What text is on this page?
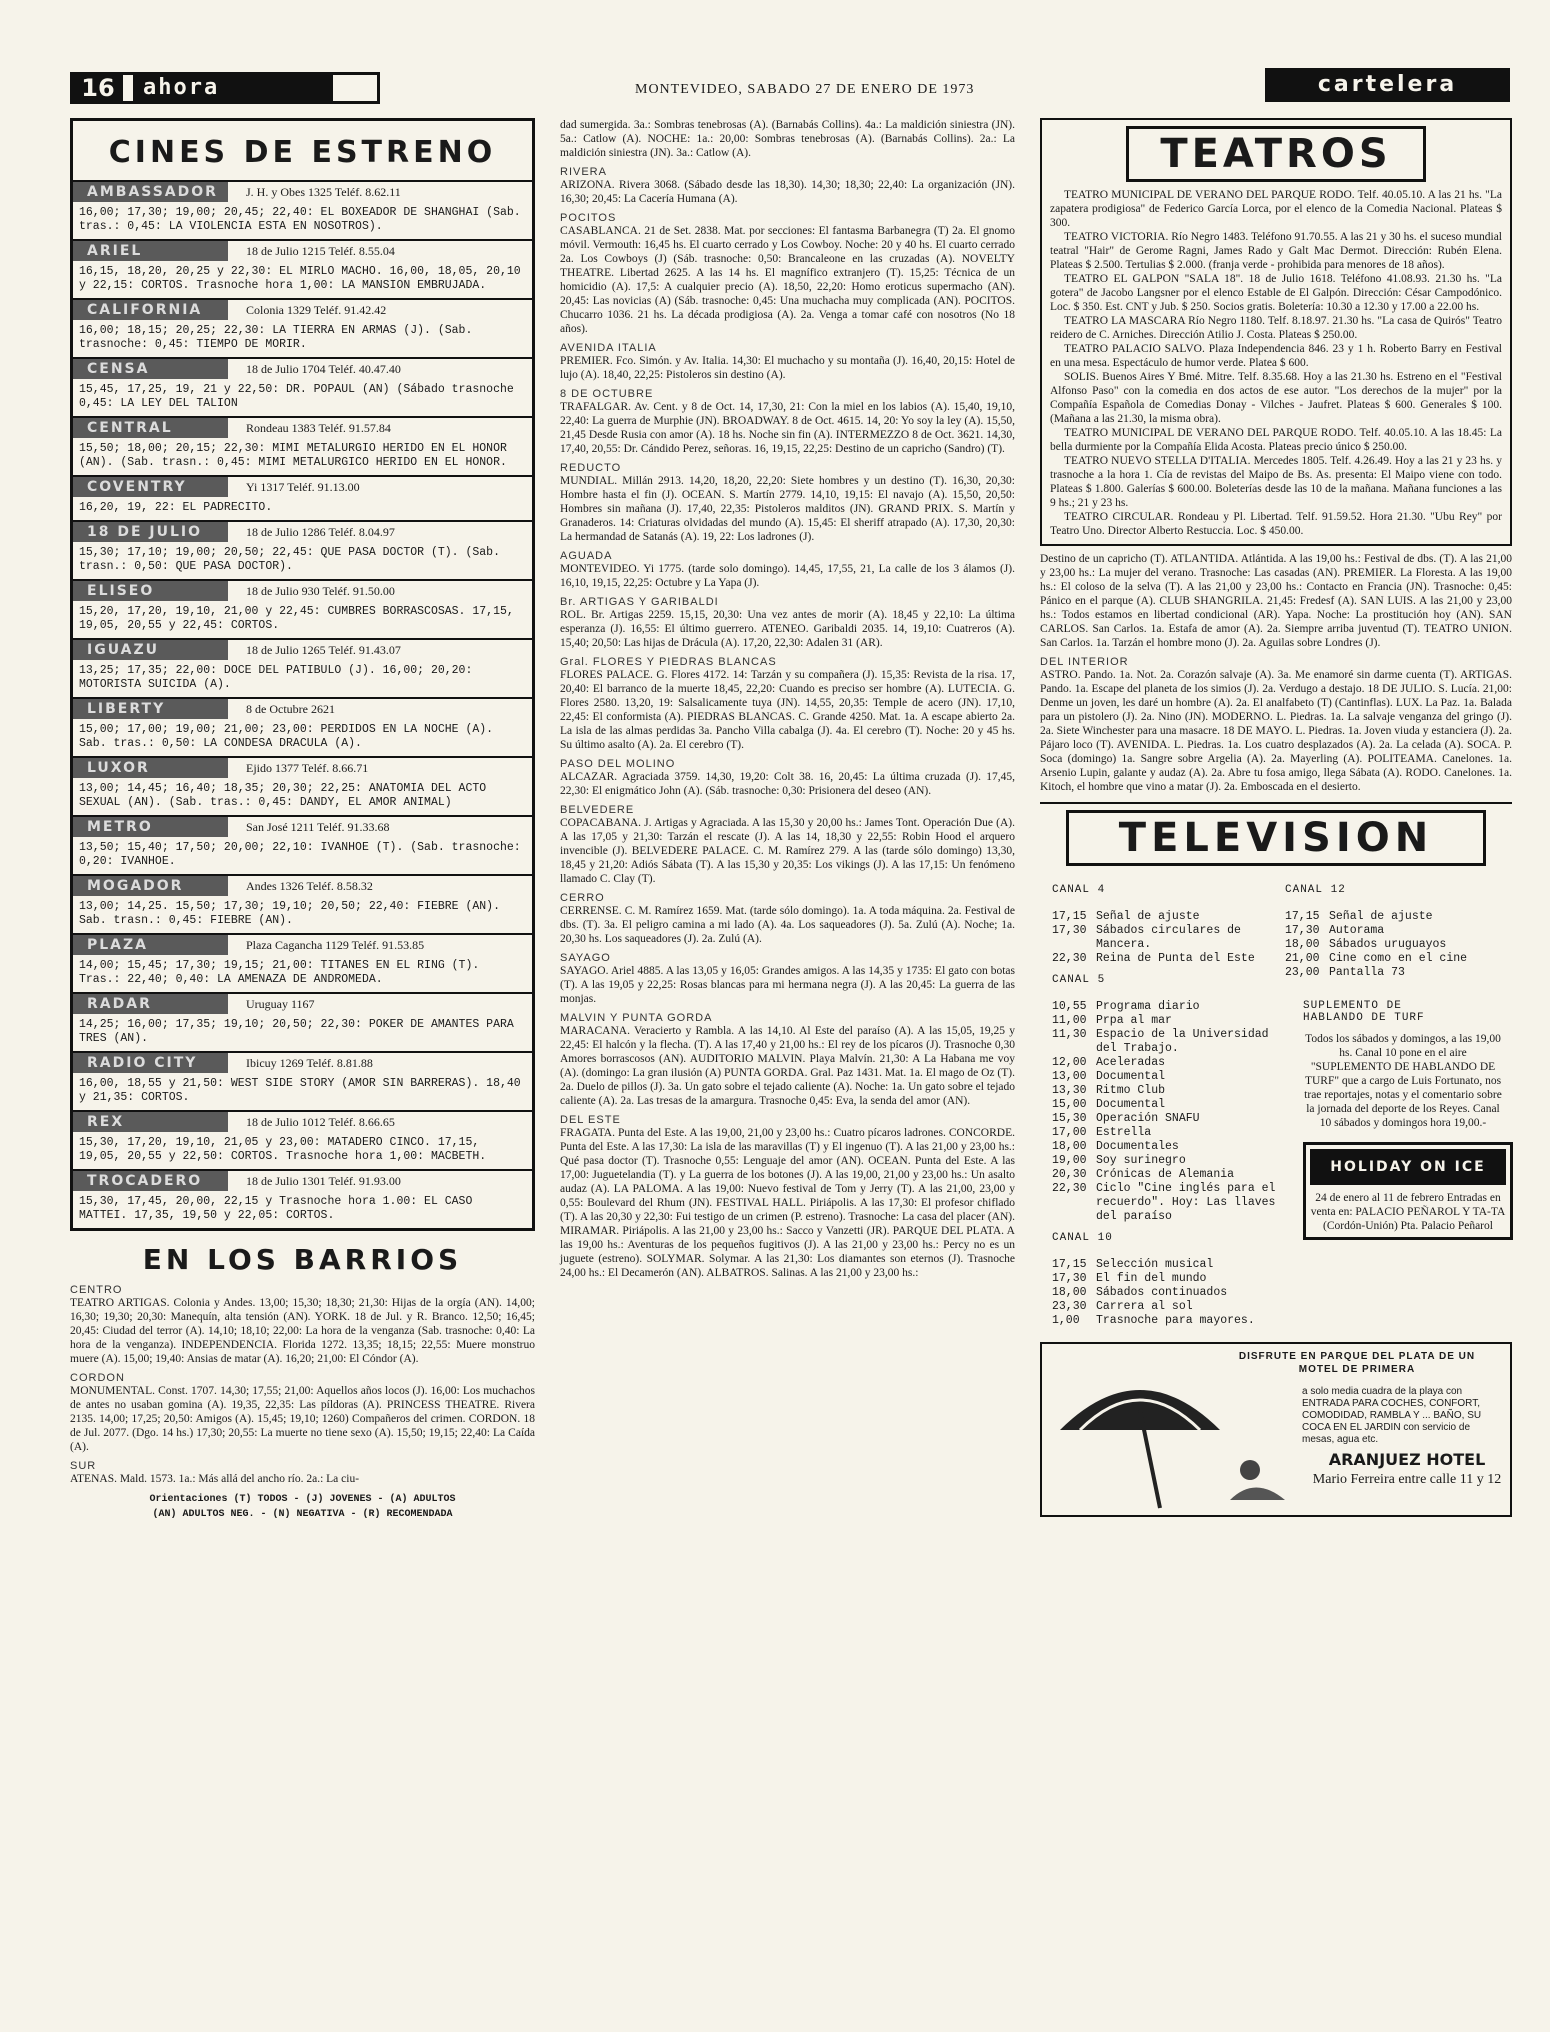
16	ahora	MONTEVIDEO, SABADO 27 DE ENERO DE 1973	cartelera
CINES DE ESTRENO
AMBASSADOR	J. H. y Obes 1325 Teléf. 8.62.11
16,00; 17,30; 19,00; 20,45; 22,40: EL BOXEADOR DE SHANGHAI (Sab. tras.: 0,45: LA VIOLENCIA ESTA EN NOSOTROS).
ARIEL	18 de Julio 1215 Teléf. 8.55.04
16,15, 18,20, 20,25 y 22,30: EL MIRLO MACHO. 16,00, 18,05, 20,10 y 22,15: CORTOS. Trasnoche hora 1,00: LA MANSION EMBRUJADA.
CALIFORNIA	Colonia 1329 Teléf. 91.42.42
16,00; 18,15; 20,25; 22,30: LA TIERRA EN ARMAS (J). (Sab. trasnoche: 0,45: TIEMPO DE MORIR.
CENSA	18 de Julio 1704 Teléf. 40.47.40
15,45, 17,25, 19, 21 y 22,50: DR. POPAUL (AN) (Sábado trasnoche 0,45: LA LEY DEL TALION
CENTRAL	Rondeau 1383 Teléf. 91.57.84
15,50; 18,00; 20,15; 22,30: MIMI METALURGIO HERIDO EN EL HONOR (AN). (Sab. trasn.: 0,45: MIMI METALURGICO HERIDO EN EL HONOR.
COVENTRY	Yi 1317 Teléf. 91.13.00
16,20, 19, 22: EL PADRECITO.
18 DE JULIO	18 de Julio 1286 Teléf. 8.04.97
15,30; 17,10; 19,00; 20,50; 22,45: QUE PASA DOCTOR (T). (Sab. trasn.: 0,50: QUE PASA DOCTOR).
ELISEO	18 de Julio 930 Teléf. 91.50.00
15,20, 17,20, 19,10, 21,00 y 22,45: CUMBRES BORRASCOSAS. 17,15, 19,05, 20,55 y 22,45: CORTOS.
IGUAZU	18 de Julio 1265 Teléf. 91.43.07
13,25; 17,35; 22,00: DOCE DEL PATIBULO (J). 16,00; 20,20: MOTORISTA SUICIDA (A).
LIBERTY	8 de Octubre 2621
15,00; 17,00; 19,00; 21,00; 23,00: PERDIDOS EN LA NOCHE (A). Sab. tras.: 0,50: LA CONDESA DRACULA (A).
LUXOR	Ejido 1377 Teléf. 8.66.71
13,00; 14,45; 16,40; 18,35; 20,30; 22,25: ANATOMIA DEL ACTO SEXUAL (AN). (Sab. tras.: 0,45: DANDY, EL AMOR ANIMAL)
METRO	San José 1211 Teléf. 91.33.68
13,50; 15,40; 17,50; 20,00; 22,10: IVANHOE (T). (Sab. trasnoche: 0,20: IVANHOE.
MOGADOR	Andes 1326 Teléf. 8.58.32
13,00; 14,25. 15,50; 17,30; 19,10; 20,50; 22,40: FIEBRE (AN). Sab. trasn.: 0,45: FIEBRE (AN).
PLAZA	Plaza Cagancha 1129 Teléf. 91.53.85
14,00; 15,45; 17,30; 19,15; 21,00: TITANES EN EL RING (T). Tras.: 22,40; 0,40: LA AMENAZA DE ANDROMEDA.
RADAR	Uruguay 1167
14,25; 16,00; 17,35; 19,10; 20,50; 22,30: POKER DE AMANTES PARA TRES (AN).
RADIO CITY	Ibicuy 1269 Teléf. 8.81.88
16,00, 18,55 y 21,50: WEST SIDE STORY (AMOR SIN BARRERAS). 18,40 y 21,35: CORTOS.
REX	18 de Julio 1012 Teléf. 8.66.65
15,30, 17,20, 19,10, 21,05 y 23,00: MATADERO CINCO. 17,15, 19,05, 20,55 y 22,50: CORTOS. Trasnoche hora 1,00: MACBETH.
TROCADERO	18 de Julio 1301 Teléf. 91.93.00
15,30, 17,45, 20,00, 22,15 y Trasnoche hora 1.00: EL CASO MATTEI. 17,35, 19,50 y 22,05: CORTOS.
EN LOS BARRIOS
CENTRO
TEATRO ARTIGAS. Colonia y Andes. 13,00; 15,30; 18,30; 21,30: Hijas de la orgía (AN). 14,00; 16,30; 19,30; 20,30: Manequín, alta tensión (AN). YORK. 18 de Jul. y R. Branco. 12,50; 16,45; 20,45: Ciudad del terror (A). 14,10; 18,10; 22,00: La hora de la venganza (Sab. trasnoche: 0,40: La hora de la venganza). INDEPENDENCIA. Florida 1272. 13,35; 18,15; 22,55: Muere monstruo muere (A). 15,00; 19,40: Ansias de matar (A). 16,20; 21,00: El Cóndor (A).
CORDON
MONUMENTAL. Const. 1707. 14,30; 17,55; 21,00: Aquellos años locos (J). 16,00: Los muchachos de antes no usaban gomina (A). 19,35, 22,35: Las píldoras (A). PRINCESS THEATRE. Rivera 2135. 14,00; 17,25; 20,50: Amigos (A). 15,45; 19,10; 1260) Compañeros del crimen. CORDON. 18 de Jul. 2077. (Dgo. 14 hs.) 17,30; 20,55: La muerte no tiene sexo (A). 15,50; 19,15; 22,40: La Caída (A).
SUR
ATENAS. Mald. 1573. 1a.: Más allá del ancho río. 2a.: La ciu-
Orientaciones (T) TODOS - (J) JOVENES - (A) ADULTOS
(AN) ADULTOS NEG. - (N) NEGATIVA - (R) RECOMENDADA
dad sumergida. 3a.: Sombras tenebrosas (A). (Barnabás Collins). 4a.: La maldición siniestra (JN). 5a.: Catlow (A). NOCHE: 1a.: 20,00: Sombras tenebrosas (A). (Barnabás Collins). 2a.: La maldición siniestra (JN). 3a.: Catlow (A).
RIVERA
ARIZONA. Rivera 3068. (Sábado desde las 18,30). 14,30; 18,30; 22,40: La organización (JN). 16,30; 20,45: La Cacería Humana (A).
POCITOS
CASABLANCA. 21 de Set. 2838. Mat. por secciones: El fantasma Barbanegra (T) 2a. El gnomo móvil. Vermouth: 16,45 hs. El cuarto cerrado y Los Cowboy. Noche: 20 y 40 hs. El cuarto cerrado 2a. Los Cowboys (J) (Sáb. trasnoche: 0,50: Brancaleone en las cruzadas (A). NOVELTY THEATRE. Libertad 2625. A las 14 hs. El magnífico extranjero (T). 15,25: Técnica de un homicidio (A). 17,5: A cualquier precio (A). 18,50, 22,20: Homo eroticus supermacho (AN). 20,45: Las novicias (A) (Sáb. trasnoche: 0,45: Una muchacha muy complicada (AN). POCITOS. Chucarro 1036. 21 hs. La década prodigiosa (A). 2a. Venga a tomar café con nosotros (No 18 años).
AVENIDA ITALIA
PREMIER. Fco. Simón. y Av. Italia. 14,30: El muchacho y su montaña (J). 16,40, 20,15: Hotel de lujo (A). 18,40, 22,25: Pistoleros sin destino (A).
8 DE OCTUBRE
TRAFALGAR. Av. Cent. y 8 de Oct. 14, 17,30, 21: Con la miel en los labios (A). 15,40, 19,10, 22,40: La guerra de Murphie (JN). BROADWAY. 8 de Oct. 4615. 14, 20: Yo soy la ley (A). 15,50, 21,45 Desde Rusia con amor (A). 18 hs. Noche sin fin (A). INTERMEZZO 8 de Oct. 3621. 14,30, 17,40, 20,55: Dr. Cándido Perez, señoras. 16, 19,15, 22,25: Destino de un capricho (Sandro) (T).
REDUCTO
MUNDIAL. Millán 2913. 14,20, 18,20, 22,20: Siete hombres y un destino (T). 16,30, 20,30: Hombre hasta el fin (J). OCEAN. S. Martín 2779. 14,10, 19,15: El navajo (A). 15,50, 20,50: Hombres sin mañana (J). 17,40, 22,35: Pistoleros malditos (JN). GRAND PRIX. S. Martín y Granaderos. 14: Criaturas olvidadas del mundo (A). 15,45: El sheriff atrapado (A). 17,30, 20,30: La hermandad de Satanás (A). 19, 22: Los ladrones (J).
AGUADA
MONTEVIDEO. Yi 1775. (tarde solo domingo). 14,45, 17,55, 21, La calle de los 3 álamos (J). 16,10, 19,15, 22,25: Octubre y La Yapa (J).
Br. ARTIGAS Y GARIBALDI
ROL. Br. Artigas 2259. 15,15, 20,30: Una vez antes de morir (A). 18,45 y 22,10: La última esperanza (J). 16,55: El último guerrero. ATENEO. Garibaldi 2035. 14, 19,10: Cuatreros (A). 15,40; 20,50: Las hijas de Drácula (A). 17,20, 22,30: Adalen 31 (AR).
Gral. FLORES Y PIEDRAS BLANCAS
FLORES PALACE. G. Flores 4172. 14: Tarzán y su compañera (J). 15,35: Revista de la risa. 17, 20,40: El barranco de la muerte 18,45, 22,20: Cuando es preciso ser hombre (A). LUTECIA. G. Flores 2580. 13,20, 19: Salsalicamente tuya (JN). 14,55, 20,35: Temple de acero (JN). 17,10, 22,45: El conformista (A). PIEDRAS BLANCAS. C. Grande 4250. Mat. 1a. A escape abierto 2a. La isla de las almas perdidas 3a. Pancho Villa cabalga (J). 4a. El cerebro (T). Noche: 20 y 45 hs. Su último asalto (A). 2a. El cerebro (T).
PASO DEL MOLINO
ALCAZAR. Agraciada 3759. 14,30, 19,20: Colt 38. 16, 20,45: La última cruzada (J). 17,45, 22,30: El enigmático John (A). (Sáb. trasnoche: 0,30: Prisionera del deseo (AN).
BELVEDERE
COPACABANA. J. Artigas y Agraciada. A las 15,30 y 20,00 hs.: James Tont. Operación Due (A). A las 17,05 y 21,30: Tarzán el rescate (J). A las 14, 18,30 y 22,55: Robin Hood el arquero invencible (J). BELVEDERE PALACE. C. M. Ramírez 279. A las (tarde sólo domingo) 13,30, 18,45 y 21,20: Adiós Sábata (T). A las 15,30 y 20,35: Los vikings (J). A las 17,15: Un fenómeno llamado C. Clay (T).
CERRO
CERRENSE. C. M. Ramírez 1659. Mat. (tarde sólo domingo). 1a. A toda máquina. 2a. Festival de dbs. (T). 3a. El peligro camina a mi lado (A). 4a. Los saqueadores (J). 5a. Zulú (A). Noche; 1a. 20,30 hs. Los saqueadores (J). 2a. Zulú (A).
SAYAGO
SAYAGO. Ariel 4885. A las 13,05 y 16,05: Grandes amigos. A las 14,35 y 1735: El gato con botas (T). A las 19,05 y 22,25: Rosas blancas para mi hermana negra (J). A las 20,45: La guerra de las monjas.
MALVIN Y PUNTA GORDA
MARACANA. Veracierto y Rambla. A las 14,10. Al Este del paraíso (A). A las 15,05, 19,25 y 22,45: El halcón y la flecha. (T). A las 17,40 y 21,00 hs.: El rey de los pícaros (J). Trasnoche 0,30 Amores borrascosos (AN). AUDITORIO MALVIN. Playa Malvín. 21,30: A La Habana me voy (A). (domingo: La gran ilusión (A) PUNTA GORDA. Gral. Paz 1431. Mat. 1a. El mago de Oz (T). 2a. Duelo de pillos (J). 3a. Un gato sobre el tejado caliente (A). Noche: 1a. Un gato sobre el tejado caliente (A). 2a. Las tresas de la amargura. Trasnoche 0,45: Eva, la senda del amor (AN).
DEL ESTE
FRAGATA. Punta del Este. A las 19,00, 21,00 y 23,00 hs.: Cuatro pícaros ladrones. CONCORDE. Punta del Este. A las 17,30: La isla de las maravillas (T) y El ingenuo (T). A las 21,00 y 23,00 hs.: Qué pasa doctor (T). Trasnoche 0,55: Lenguaje del amor (AN). OCEAN. Punta del Este. A las 17,00: Juguetelandia (T). y La guerra de los botones (J). A las 19,00, 21,00 y 23,00 hs.: Un asalto audaz (A). LA PALOMA. A las 19,00: Nuevo festival de Tom y Jerry (T). A las 21,00, 23,00 y 0,55: Boulevard del Rhum (JN). FESTIVAL HALL. Piriápolis. A las 17,30: El profesor chiflado (T). A las 20,30 y 22,30: Fui testigo de un crimen (P. estreno). Trasnoche: La casa del placer (AN). MIRAMAR. Piriápolis. A las 21,00 y 23,00 hs.: Sacco y Vanzetti (JR). PARQUE DEL PLATA. A las 19,00 hs.: Aventuras de los pequeños fugitivos (J). A las 21,00 y 23,00 hs.: Percy no es un juguete (estreno). SOLYMAR. Solymar. A las 21,30: Los diamantes son eternos (J). Trasnoche 24,00 hs.: El Decamerón (AN). ALBATROS. Salinas. A las 21,00 y 23,00 hs.:
TEATROS
TEATRO MUNICIPAL DE VERANO DEL PARQUE RODO. Telf. 40.05.10. A las 21 hs. "La zapatera prodigiosa" de Federico García Lorca, por el elenco de la Comedia Nacional. Plateas $ 300.
TEATRO VICTORIA. Río Negro 1483. Teléfono 91.70.55. A las 21 y 30 hs. el suceso mundial teatral "Hair" de Gerome Ragni, James Rado y Galt Mac Dermot. Dirección: Rubén Elena. Plateas $ 2.500. Tertulias $ 2.000. (franja verde - prohibida para menores de 18 años).
TEATRO EL GALPON "SALA 18". 18 de Julio 1618. Teléfono 41.08.93. 21.30 hs. "La gotera" de Jacobo Langsner por el elenco Estable de El Galpón. Dirección: César Campodónico. Loc. $ 350. Est. CNT y Jub. $ 250. Socios gratis. Boletería: 10.30 a 12.30 y 17.00 a 22.00 hs.
TEATRO LA MASCARA Río Negro 1180. Telf. 8.18.97. 21.30 hs. "La casa de Quirós" Teatro reidero de C. Arniches. Dirección Atilio J. Costa. Plateas $ 250.00.
TEATRO PALACIO SALVO. Plaza Independencia 846. 23 y 1 h. Roberto Barry en Festival en una mesa. Espectáculo de humor verde. Platea $ 600.
SOLIS. Buenos Aires Y Bmé. Mitre. Telf. 8.35.68. Hoy a las 21.30 hs. Estreno en el "Festival Alfonso Paso" con la comedia en dos actos de ese autor. "Los derechos de la mujer" por la Compañía Española de Comedias Donay - Vilches - Jaufret. Plateas $ 600. Generales $ 100. (Mañana a las 21.30, la misma obra).
TEATRO MUNICIPAL DE VERANO DEL PARQUE RODO. Telf. 40.05.10. A las 18.45: La bella durmiente por la Compañía Elida Acosta. Plateas precio único $ 250.00.
TEATRO NUEVO STELLA D'ITALIA. Mercedes 1805. Telf. 4.26.49. Hoy a las 21 y 23 hs. y trasnoche a la hora 1. Cía de revistas del Maipo de Bs. As. presenta: El Maipo viene con todo. Plateas $ 1.800. Galerías $ 600.00. Boleterías desde las 10 de la mañana. Mañana funciones a las 9 hs.; 21 y 23 hs.
TEATRO CIRCULAR. Rondeau y Pl. Libertad. Telf. 91.59.52. Hora 21.30. "Ubu Rey" por Teatro Uno. Director Alberto Restuccia. Loc. $ 450.00.
Destino de un capricho (T). ATLANTIDA. Atlántida. A las 19,00 hs.: Festival de dbs. (T). A las 21,00 y 23,00 hs.: La mujer del verano. Trasnoche: Las casadas (AN). PREMIER. La Floresta. A las 19,00 hs.: El coloso de la selva (T). A las 21,00 y 23,00 hs.: Contacto en Francia (JN). Trasnoche: 0,45: Pánico en el parque (A). CLUB SHANGRILA. 21,45: Fredesf (A). SAN LUIS. A las 21,00 y 23,00 hs.: Todos estamos en libertad condicional (AR). Yapa. Noche: La prostitución hoy (AN). SAN CARLOS. San Carlos. 1a. Estafa de amor (A). 2a. Siempre arriba juventud (T). TEATRO UNION. San Carlos. 1a. Tarzán el hombre mono (J). 2a. Aguilas sobre Londres (J).
DEL INTERIOR
ASTRO. Pando. 1a. Not. 2a. Corazón salvaje (A). 3a. Me enamoré sin darme cuenta (T). ARTIGAS. Pando. 1a. Escape del planeta de los simios (J). 2a. Verdugo a destajo. 18 DE JULIO. S. Lucía. 21,00: Denme un joven, les daré un hombre (A). 2a. El analfabeto (T) (Cantinflas). LUX. La Paz. 1a. Balada para un pistolero (J). 2a. Nino (JN). MODERNO. L. Piedras. 1a. La salvaje venganza del gringo (J). 2a. Siete Winchester para una masacre. 18 DE MAYO. L. Piedras. 1a. Joven viuda y estanciera (J). 2a. Pájaro loco (T). AVENIDA. L. Piedras. 1a. Los cuatro desplazados (A). 2a. La celada (A). SOCA. P. Soca (domingo) 1a. Sangre sobre Argelia (A). 2a. Mayerling (A). POLITEAMA. Canelones. 1a. Arsenio Lupin, galante y audaz (A). 2a. Abre tu fosa amigo, llega Sábata (A). RODO. Canelones. 1a. Kitoch, el hombre que vino a matar (J). 2a. Emboscada en el desierto.
TELEVISION
CANAL 4
17,15 Señal de ajuste
17,30 Sábados circulares de Mancera.
22,30 Reina de Punta del Este
CANAL 5
10,55 Programa diario
11,00 Prpa al mar
11,30 Espacio de la Universidad del Trabajo.
12,00 Aceleradas
13,00 Documental
13,30 Ritmo Club
15,00 Documental
15,30 Operación SNAFU
17,00 Estrella
18,00 Documentales
19,00 Soy surinegro
20,30 Crónicas de Alemania
22,30 Ciclo "Cine inglés para el recuerdo". Hoy: Las llaves del paraíso
CANAL 10
17,15 Selección musical
17,30 El fin del mundo
18,00 Sábados continuados
23,30 Carrera al sol
1,00	Trasnoche para mayores.
CANAL 12
17,15 Señal de ajuste
17,30 Autorama
18,00 Sábados uruguayos
21,00 Cine como en el cine
23,00 Pantalla 73
SUPLEMENTO DE HABLANDO DE TURF
Todos los sábados y domingos, a las 19,00 hs. Canal 10 pone en el aire "SUPLEMENTO DE HABLANDO DE TURF" que a cargo de Luis Fortunato, nos trae reportajes, notas y el comentario sobre la jornada del deporte de los Reyes. Canal 10 sábados y domingos hora 19,00.-
HOLIDAY ON ICE
24 de enero al 11 de febrero Entradas en venta en: PALACIO PEÑAROL Y TA-TA (Cordón-Unión) Pta. Palacio Peñarol
DISFRUTE EN PARQUE DEL PLATA DE UN MOTEL DE PRIMERA
a solo media cuadra de la playa con ENTRADA PARA COCHES, CONFORT, COMODIDAD, RAMBLA Y ... BAÑO, SU COCA EN EL JARDIN con servicio de mesas, agua etc.
ARANJUEZ HOTEL
Mario Ferreira entre calle 11 y 12
